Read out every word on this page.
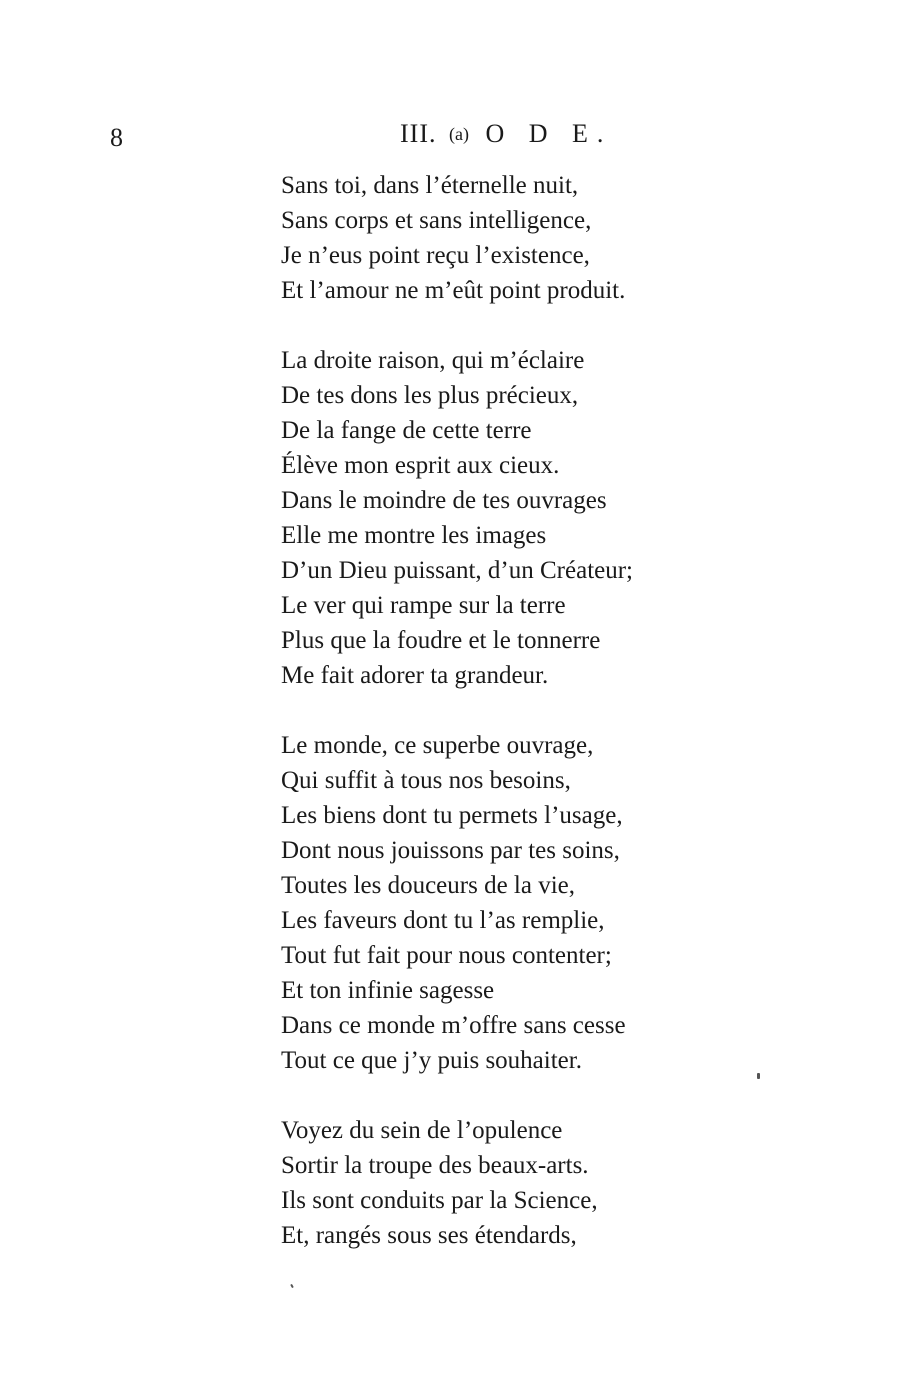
8	III. (a) O D E.
Sans toi, dans l’éternelle nuit,
Sans corps et sans intelligence,
Je n’eus point reçu l’existence,
Et l’amour ne m’eût point produit.
La droite raison, qui m’éclaire
De tes dons les plus précieux,
De la fange de cette terre
Élève mon esprit aux cieux.
Dans le moindre de tes ouvrages
Elle me montre les images
D’un Dieu puissant, d’un Créateur;
Le ver qui rampe sur la terre
Plus que la foudre et le tonnerre
Me fait adorer ta grandeur.
Le monde, ce superbe ouvrage,
Qui suffit à tous nos besoins,
Les biens dont tu permets l’usage,
Dont nous jouissons par tes soins,
Toutes les douceurs de la vie,
Les faveurs dont tu l’as remplie,
Tout fut fait pour nous contenter;
Et ton infinie sagesse
Dans ce monde m’offre sans cesse
Tout ce que j’y puis souhaiter.
Voyez du sein de l’opulence
Sortir la troupe des beaux-arts.
Ils sont conduits par la Science,
Et, rangés sous ses étendards,
